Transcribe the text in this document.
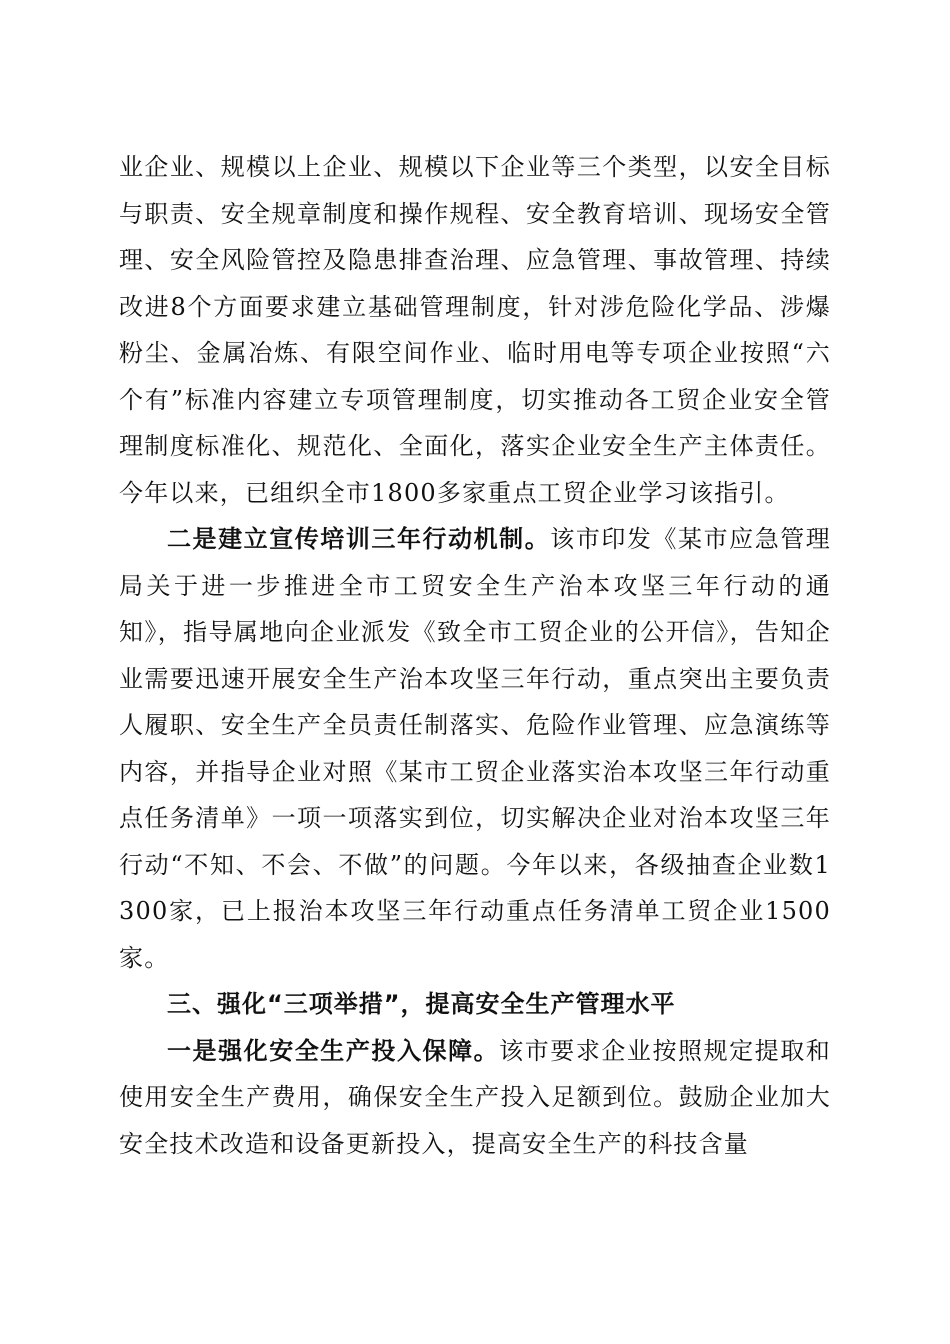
业企业、规模以上企业、规模以下企业等三个类型，以安全目标与职责、安全规章制度和操作规程、安全教育培训、现场安全管理、安全风险管控及隐患排查治理、应急管理、事故管理、持续改进8个方面要求建立基础管理制度，针对涉危险化学品、涉爆粉尘、金属冶炼、有限空间作业、临时用电等专项企业按照“六个有”标准内容建立专项管理制度，切实推动各工贸企业安全管理制度标准化、规范化、全面化，落实企业安全生产主体责任。今年以来，已组织全市1800多家重点工贸企业学习该指引。

二是建立宣传培训三年行动机制。该市印发《某市应急管理局关于进一步推进全市工贸安全生产治本攻坚三年行动的通知》，指导属地向企业派发《致全市工贸企业的公开信》，告知企业需要迅速开展安全生产治本攻坚三年行动，重点突出主要负责人履职、安全生产全员责任制落实、危险作业管理、应急演练等内容，并指导企业对照《某市工贸企业落实治本攻坚三年行动重点任务清单》一项一项落实到位，切实解决企业对治本攻坚三年行动“不知、不会、不做”的问题。今年以来，各级抽查企业数1300家，已上报治本攻坚三年行动重点任务清单工贸企业1500家。

三、强化“三项举措”，提高安全生产管理水平

一是强化安全生产投入保障。该市要求企业按照规定提取和使用安全生产费用，确保安全生产投入足额到位。鼓励企业加大安全技术改造和设备更新投入，提高安全生产的科技含量
